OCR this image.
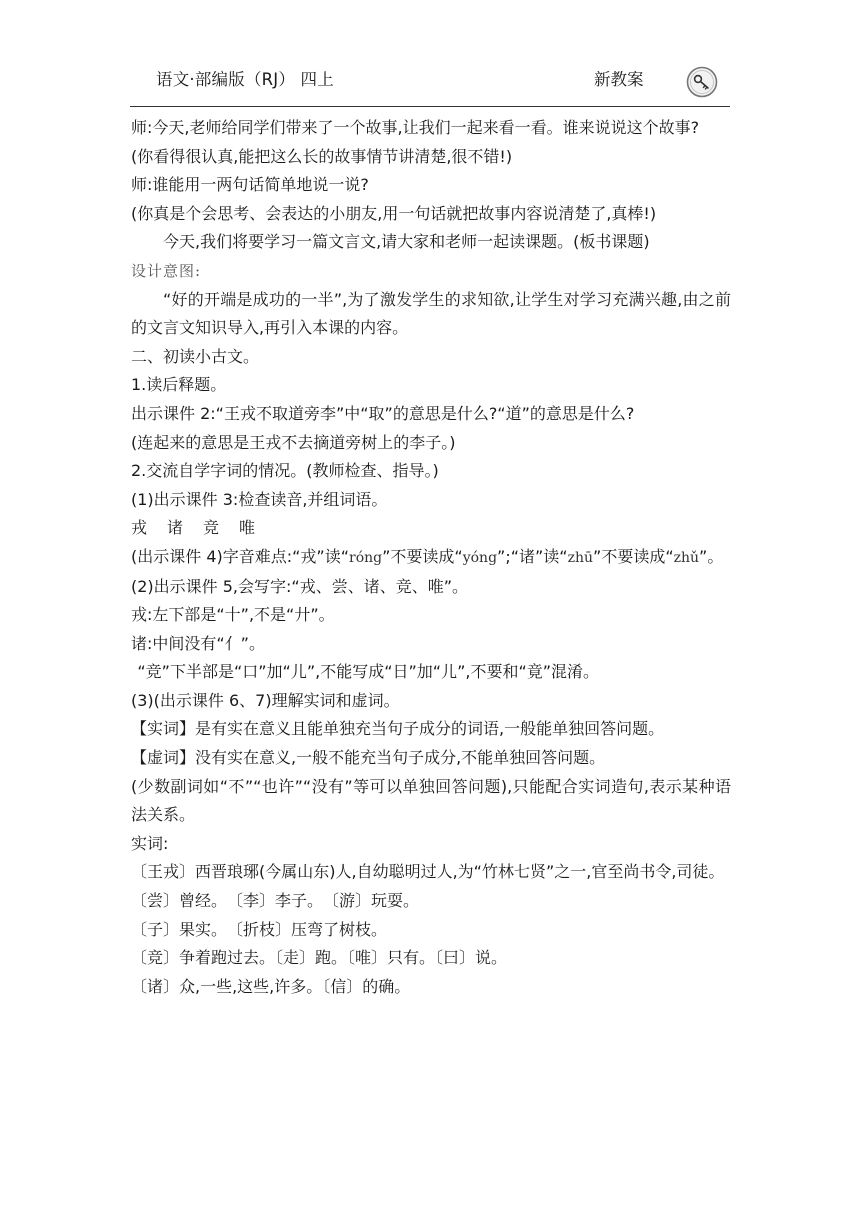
语文·部编版（RJ） 四上	新教案

师:今天,老师给同学们带来了一个故事,让我们一起来看一看。谁来说说这个故事?

(你看得很认真,能把这么长的故事情节讲清楚,很不错!)

师:谁能用一两句话简单地说一说?

(你真是个会思考、会表达的小朋友,用一句话就把故事内容说清楚了,真棒!)

今天,我们将要学习一篇文言文,请大家和老师一起读课题。(板书课题)

设计意图:

“好的开端是成功的一半”,为了激发学生的求知欲,让学生对学习充满兴趣,由之前的文言文知识导入,再引入本课的内容。

二、初读小古文。

1.读后释题。

出示课件 2:“王戎不取道旁李”中“取”的意思是什么?“道”的意思是什么?

(连起来的意思是王戎不去摘道旁树上的李子。)

2.交流自学字词的情况。(教师检查、指导。)

(1)出示课件 3:检查读音,并组词语。

戎 诸 竞 唯

(出示课件 4)字音难点:“戎”读“róng”不要读成“yóng”;“诸”读“zhū”不要读成“zhǔ”。

(2)出示课件 5,会写字:“戎、尝、诸、竞、唯”。

戎:左下部是“十”,不是“廾”。

诸:中间没有“亻”。

“竞”下半部是“口”加“儿”,不能写成“日”加“儿”,不要和“竟”混淆。

(3)(出示课件 6、7)理解实词和虚词。

【实词】是有实在意义且能单独充当句子成分的词语,一般能单独回答问题。

【虚词】没有实在意义,一般不能充当句子成分,不能单独回答问题。

(少数副词如“不”“也许”“没有”等可以单独回答问题),只能配合实词造句,表示某种语法关系。

实词:

〔王戎〕西晋琅琊(今属山东)人,自幼聪明过人,为“竹林七贤”之一,官至尚书令,司徒。

〔尝〕曾经。　〔李〕李子。　〔游〕玩耍。

〔子〕果实。　〔折枝〕压弯了树枝。

〔竞〕争着跑过去。〔走〕跑。〔唯〕只有。〔曰〕说。

〔诸〕众,一些,这些,许多。〔信〕的确。
